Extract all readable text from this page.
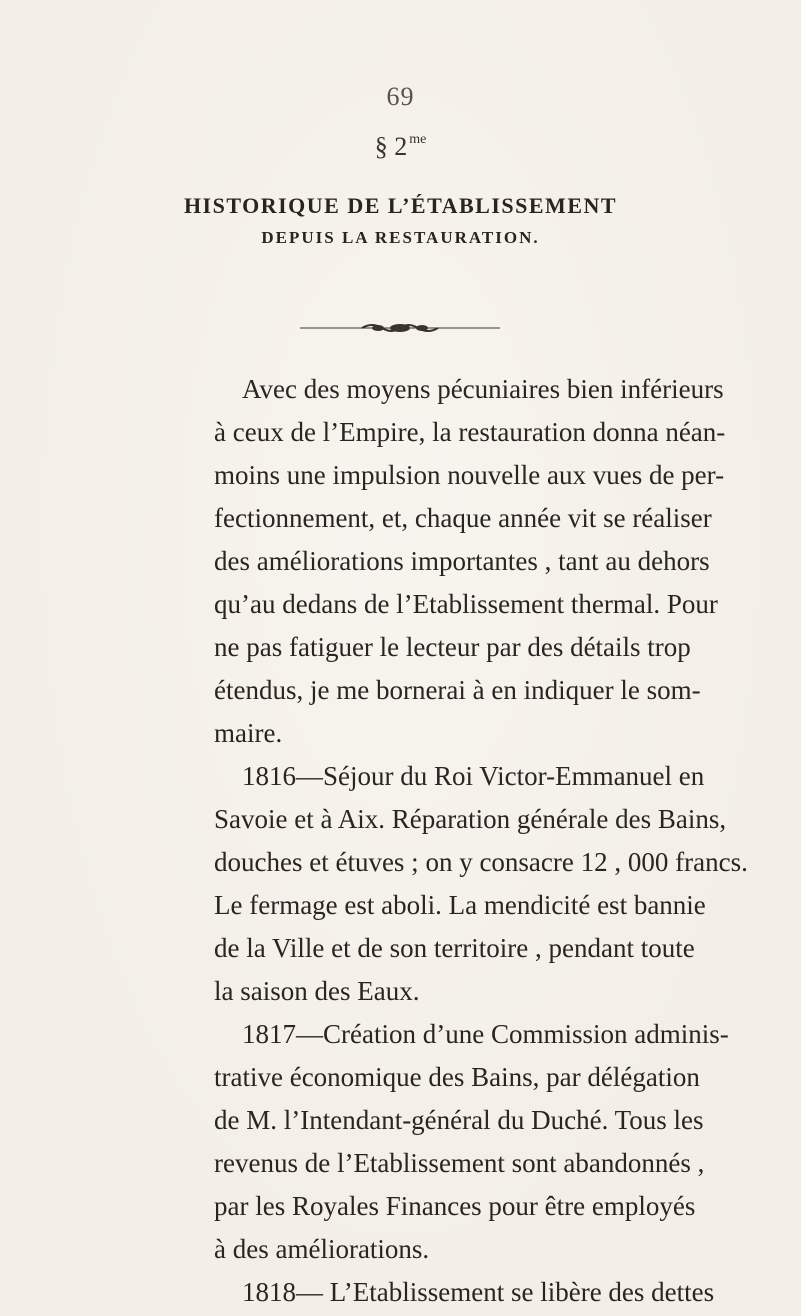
69
§ 2 $^{me}$
HISTORIQUE DE L’ÉTABLISSEMENT
DEPUIS LA RESTAURATION.
Avec des moyens pécuniaires bien inférieurs
à ceux de l’Empire, la restauration donna néan-
moins une impulsion nouvelle aux vues de per-
fectionnement, et, chaque année vit se réaliser
des améliorations importantes , tant au dehors
qu’au dedans de l’Etablissement thermal. Pour
ne pas fatiguer le lecteur par des détails trop
étendus, je me bornerai à en indiquer le som-
maire.
1816—Séjour du Roi Victor-Emmanuel en
Savoie et à Aix. Réparation générale des Bains,
douches et étuves ; on y consacre 12 , 000 francs.
Le fermage est aboli. La mendicité est bannie
de la Ville et de son territoire , pendant toute
la saison des Eaux.
1817—Création d’une Commission adminis-
trative économique des Bains, par délégation
de M. l’Intendant-général du Duché. Tous les
revenus de l’Etablissement sont abandonnés ,
par les Royales Finances pour être employés
à des améliorations.
1818— L’Etablissement se libère des dettes
